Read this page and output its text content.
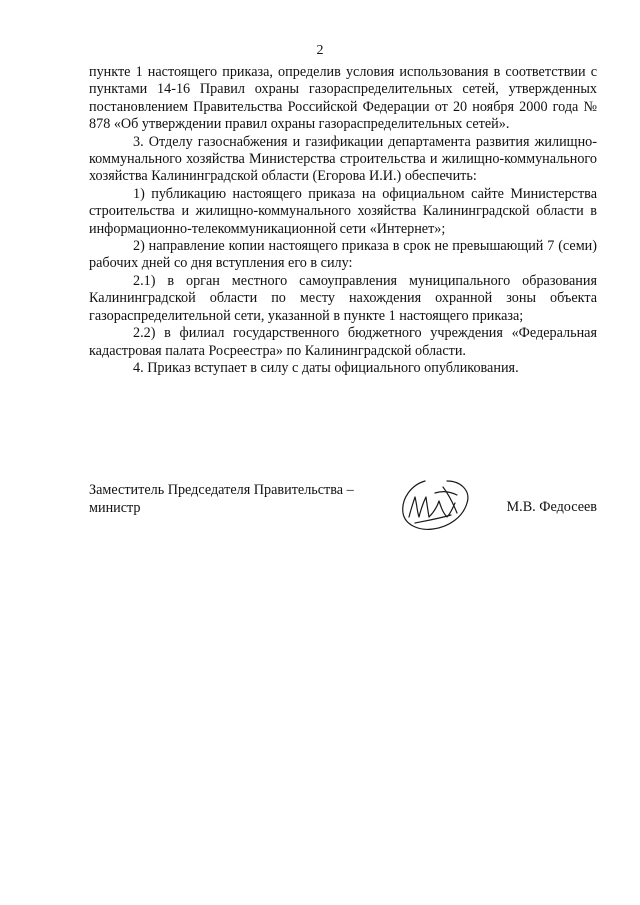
2

пункте 1 настоящего приказа, определив условия использования в соответствии с пунктами 14-16 Правил охраны газораспределительных сетей, утвержденных постановлением Правительства Российской Федерации от 20 ноября 2000 года № 878 «Об утверждении правил охраны газораспределительных сетей».

3. Отделу газоснабжения и газификации департамента развития жилищно-коммунального хозяйства Министерства строительства и жилищно-коммунального хозяйства Калининградской области (Егорова И.И.) обеспечить:

1) публикацию настоящего приказа на официальном сайте Министерства строительства и жилищно-коммунального хозяйства Калининградской области в информационно-телекоммуникационной сети «Интернет»;

2) направление копии настоящего приказа в срок не превышающий 7 (семи) рабочих дней со дня вступления его в силу:

2.1) в орган местного самоуправления муниципального образования Калининградской области по месту нахождения охранной зоны объекта газораспределительной сети, указанной в пункте 1 настоящего приказа;

2.2) в филиал государственного бюджетного учреждения «Федеральная кадастровая палата Росреестра» по Калининградской области.

4. Приказ вступает в силу с даты официального опубликования.

Заместитель Председателя Правительства –
министр	М.В. Федосеев
